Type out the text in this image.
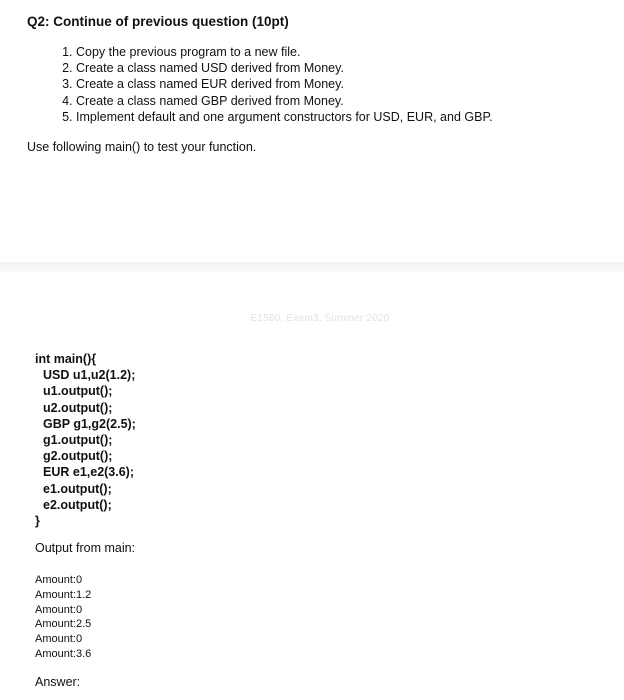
Q2: Continue of previous question (10pt)
1. Copy the previous program to a new file.
2. Create a class named USD derived from Money.
3. Create a class named EUR derived from Money.
4. Create a class named GBP derived from Money.
5. Implement default and one argument constructors for USD, EUR, and GBP.

Use following main() to test your function.

E1580, Exam3, Summer 2020
int main(){
USD u1,u2(1.2);
u1.output();
u2.output();
GBP g1,g2(2.5);
g1.output();
g2.output();
EUR e1,e2(3.6);
e1.output();
e2.output();
}

Output from main:

Amount:0
Amount:1.2
Amount:0
Amount:2.5
Amount:0
Amount:3.6

Answer:
